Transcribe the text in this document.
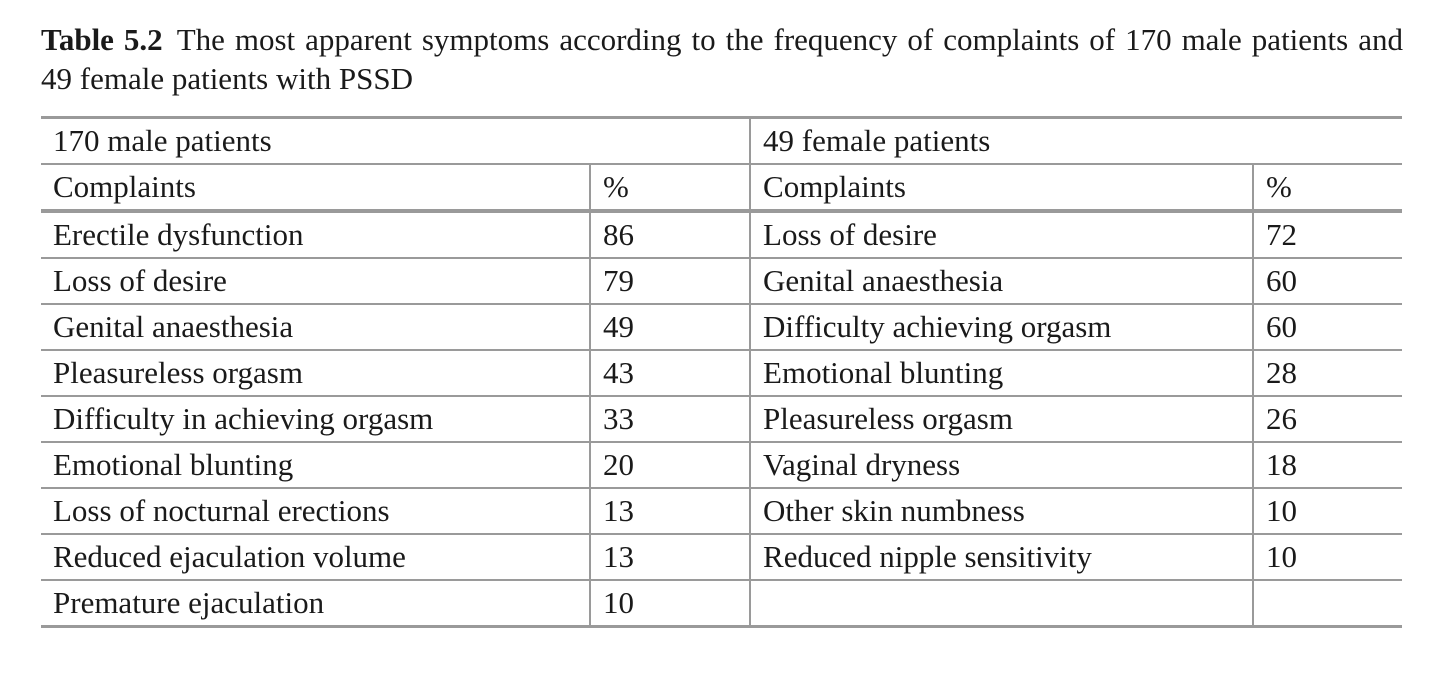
Table 5.2 The most apparent symptoms according to the frequency of complaints of 170 male patients and 49 female patients with PSSD
170 male patients		49 female patients	
Complaints	%	Complaints	%
Erectile dysfunction	86	Loss of desire	72
Loss of desire	79	Genital anaesthesia	60
Genital anaesthesia	49	Difficulty achieving orgasm	60
Pleasureless orgasm	43	Emotional blunting	28
Difficulty in achieving orgasm	33	Pleasureless orgasm	26
Emotional blunting	20	Vaginal dryness	18
Loss of nocturnal erections	13	Other skin numbness	10
Reduced ejaculation volume	13	Reduced nipple sensitivity	10
Premature ejaculation	10		
